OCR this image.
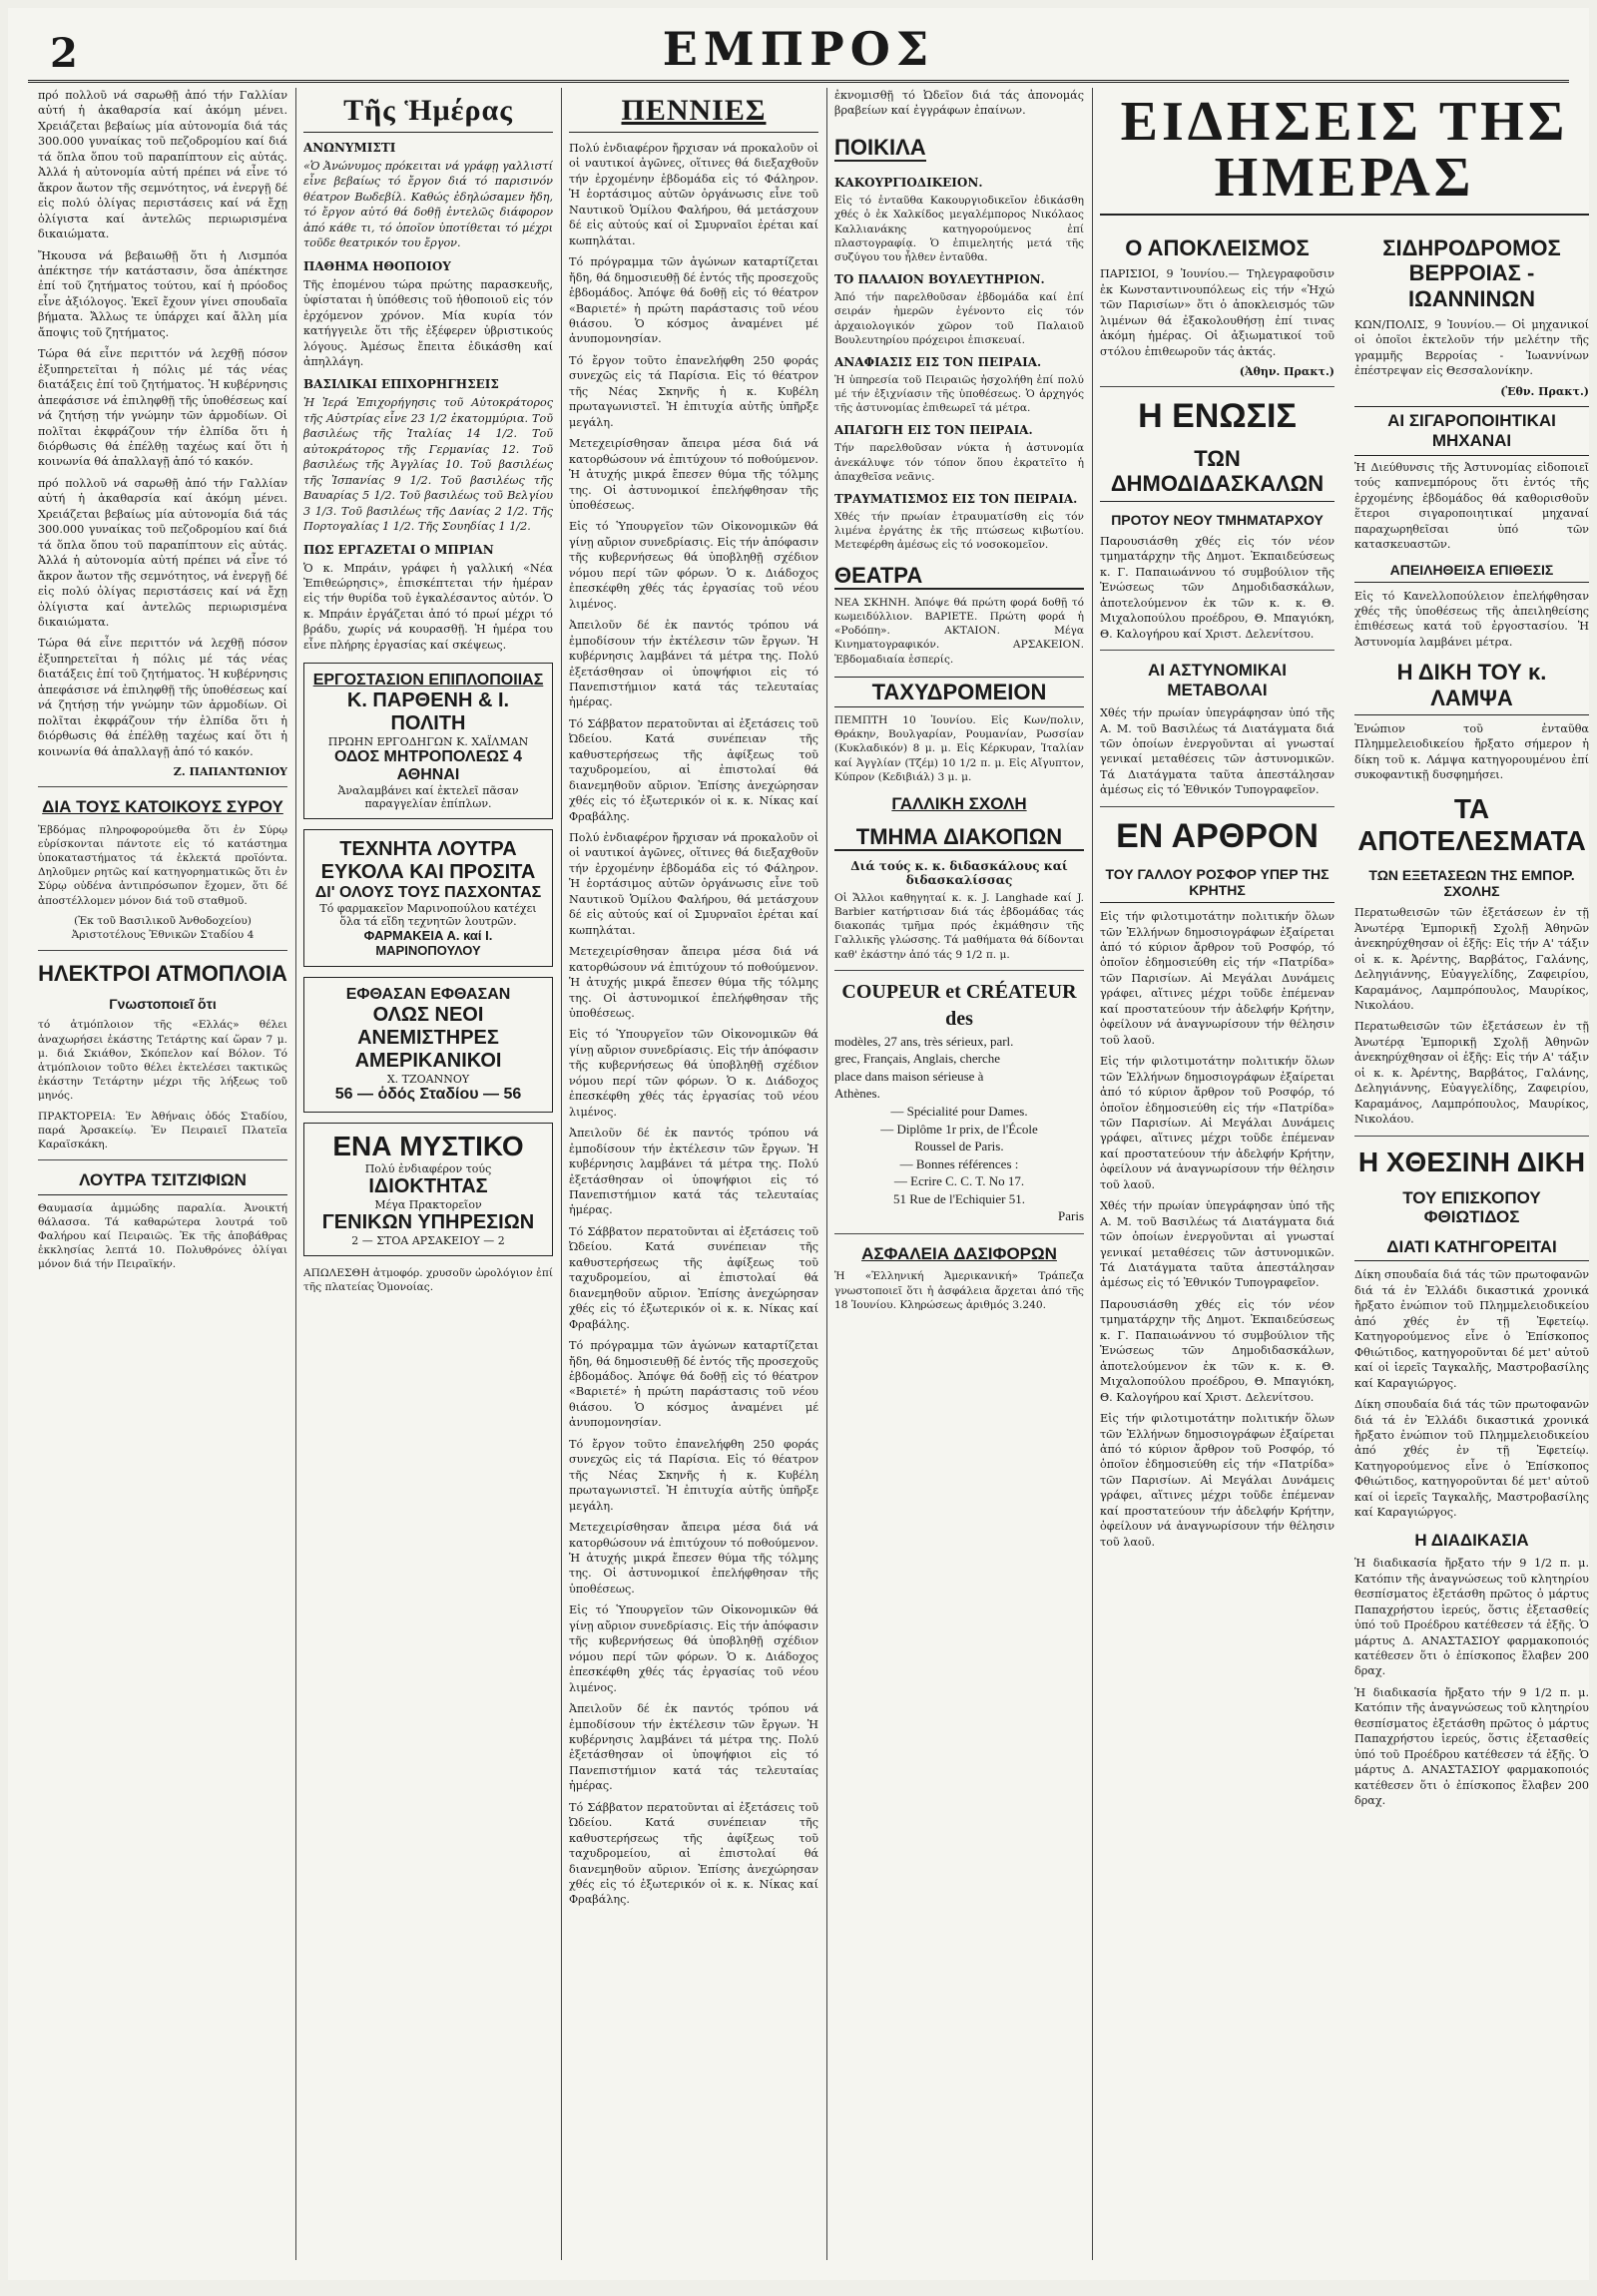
2	ΕΜΠΡΟΣ

πρό πολλοῦ νά σαρωθῇ ἀπό τήν Γαλλίαν αὐτή ἡ ἀκαθαρσία καί ἀκόμη μένει. Χρειάζεται βεβαίως μία αὐτονομία διά τάς 300.000 γυναίκας τοῦ πεζοδρομίου καί διά τά ὅπλα ὅπου τοῦ παραπίπτουν εἰς αὐτάς. Ἀλλά ἡ αὐτονομία αὐτή πρέπει νά εἶνε τό ἄκρον ἄωτον τῆς σεμνότητος, νά ἐνεργῇ δέ εἰς πολύ ὀλίγας περιστάσεις καί νά ἔχῃ ὀλίγιστα καί ἀντελῶς περιωρισμένα δικαιώματα.

Ἤκουσα νά βεβαιωθῇ ὅτι ἡ Λισμπόα ἀπέκτησε τήν κατάστασιν, ὅσα ἀπέκτησε ἐπί τοῦ ζητήματος τούτου, καί ἡ πρόοδος εἶνε ἀξιόλογος. Ἐκεῖ ἔχουν γίνει σπουδαῖα βήματα. Ἄλλως τε ὑπάρχει καί ἄλλη μία ἄποψις τοῦ ζητήματος.

Τώρα θά εἶνε περιττόν νά λεχθῇ πόσον ἐξυπηρετεῖται ἡ πόλις μέ τάς νέας διατάξεις ἐπί τοῦ ζητήματος. Ἡ κυβέρνησις ἀπεφάσισε νά ἐπιληφθῇ τῆς ὑποθέσεως καί νά ζητήσῃ τήν γνώμην τῶν ἁρμοδίων. Οἱ πολῖται ἐκφράζουν τήν ἐλπίδα ὅτι ἡ διόρθωσις θά ἐπέλθῃ ταχέως καί ὅτι ἡ κοινωνία θά ἀπαλλαγῇ ἀπό τό κακόν.

πρό πολλοῦ νά σαρωθῇ ἀπό τήν Γαλλίαν αὐτή ἡ ἀκαθαρσία καί ἀκόμη μένει. Χρειάζεται βεβαίως μία αὐτονομία διά τάς 300.000 γυναίκας τοῦ πεζοδρομίου καί διά τά ὅπλα ὅπου τοῦ παραπίπτουν εἰς αὐτάς. Ἀλλά ἡ αὐτονομία αὐτή πρέπει νά εἶνε τό ἄκρον ἄωτον τῆς σεμνότητος, νά ἐνεργῇ δέ εἰς πολύ ὀλίγας περιστάσεις καί νά ἔχῃ ὀλίγιστα καί ἀντελῶς περιωρισμένα δικαιώματα.

Τώρα θά εἶνε περιττόν νά λεχθῇ πόσον ἐξυπηρετεῖται ἡ πόλις μέ τάς νέας διατάξεις ἐπί τοῦ ζητήματος. Ἡ κυβέρνησις ἀπεφάσισε νά ἐπιληφθῇ τῆς ὑποθέσεως καί νά ζητήσῃ τήν γνώμην τῶν ἁρμοδίων. Οἱ πολῖται ἐκφράζουν τήν ἐλπίδα ὅτι ἡ διόρθωσις θά ἐπέλθῃ ταχέως καί ὅτι ἡ κοινωνία θά ἀπαλλαγῇ ἀπό τό κακόν.

Ζ. ΠΑΠΑΝΤΩΝΙΟΥ
ΔΙΑ ΤΟΥΣ ΚΑΤΟΙΚΟΥΣ ΣΥΡΟΥ

Ἐβδόμας πληροφορούμεθα ὅτι ἐν Σύρῳ εὑρίσκονται πάντοτε εἰς τό κατάστημα ὑποκαταστήματος τά ἐκλεκτά προϊόντα. Δηλοῦμεν ρητῶς καί κατηγορηματικῶς ὅτι ἐν Σύρῳ οὐδένα ἀντιπρόσωπον ἔχομεν, ὅτι δέ ἀποστέλλομεν μόνον διά τοῦ σταθμοῦ.

(Ἐκ τοῦ Βασιλικοῦ Ἀνθοδοχείου) Ἀριστοτέλους Ἐθνικῶν Σταδίου 4

ΗΛΕΚΤΡΟΙ ΑΤΜΟΠΛΟΙΑ
Γνωστοποιεῖ ὅτι

τό ἀτμόπλοιον τῆς «Ελλάς» θέλει ἀναχωρήσει ἐκάστης Τετάρτης καί ὥραν 7 μ. μ. διά Σκιάθον, Σκόπελον καί Βόλον. Τό ἀτμόπλοιον τοῦτο θέλει ἐκτελέσει τακτικῶς ἐκάστην Τετάρτην μέχρι τῆς λήξεως τοῦ μηνός.

ΠΡΑΚΤΟΡΕΙΑ: Ἐν Ἀθήναις ὁδός Σταδίου, παρά Ἀρσακείῳ. Ἐν Πειραιεῖ Πλατεῖα Καραϊσκάκη.

ΛΟΥΤΡΑ ΤΣΙΤΖΙΦΙΩΝ

Θαυμασία ἀμμώδης παραλία. Ἀνοικτή θάλασσα. Τά καθαρώτερα λουτρά τοῦ Φαλήρου καί Πειραιῶς. Ἐκ τῆς ἀποβάθρας ἐκκλησίας λεπτά 10. Πολυθρόνες ὀλίγαι μόνον διά τήν Πειραϊκήν.

Τῆς Ἡμέρας
ΑΝΩΝΥΜΙΣΤΙ

«Ὁ Ἀνώνυμος πρόκειται νά γράφῃ γαλλιστί εἶνε βεβαίως τό ἔργον διά τό παρισινόν θέατρον Βωδεβίλ. Καθώς ἐδηλώσαμεν ἤδη, τό ἔργον αὐτό θά δοθῇ ἐντελῶς διάφορον ἀπό κάθε τι, τό ὁποῖον ὑποτίθεται τό μέχρι τοῦδε θεατρικόν του ἔργον.

ΠΑΘΗΜΑ ΗΘΟΠΟΙΟΥ

Τῆς ἐπομένου τώρα πρώτης παρασκευῆς, ὑφίσταται ἡ ὑπόθεσις τοῦ ἠθοποιοῦ εἰς τόν ἐρχόμενον χρόνον. Μία κυρία τόν κατήγγειλε ὅτι τῆς ἐξέφερεν ὑβριστικούς λόγους. Ἀμέσως ἔπειτα ἐδικάσθη καί ἀπηλλάγη.

ΒΑΣΙΛΙΚΑΙ ΕΠΙΧΟΡΗΓΗΣΕΙΣ

Ἡ Ἱερά Ἐπιχορήγησις τοῦ Αὐτοκράτορος τῆς Αὐστρίας εἶνε 23 1/2 ἑκατομμύρια. Τοῦ βασιλέως τῆς Ἰταλίας 14 1/2. Τοῦ αὐτοκράτορος τῆς Γερμανίας 12. Τοῦ βασιλέως τῆς Ἀγγλίας 10. Τοῦ βασιλέως τῆς Ἰσπανίας 9 1/2. Τοῦ βασιλέως τῆς Βαυαρίας 5 1/2. Τοῦ βασιλέως τοῦ Βελγίου 3 1/3. Τοῦ βασιλέως τῆς Δανίας 2 1/2. Τῆς Πορτογαλίας 1 1/2. Τῆς Σουηδίας 1 1/2.

ΠΩΣ ΕΡΓΑΖΕΤΑΙ Ο ΜΠΡΙΑΝ

Ὁ κ. Μπράιν, γράφει ἡ γαλλική «Νέα Ἐπιθεώρησις», ἐπισκέπτεται τήν ἡμέραν εἰς τήν θυρίδα τοῦ ἐγκαλέσαντος αὐτόν. Ὁ κ. Μπράιν ἐργάζεται ἀπό τό πρωί μέχρι τό βράδυ, χωρίς νά κουρασθῇ. Ἡ ἡμέρα του εἶνε πλήρης ἐργασίας καί σκέψεως.

ΕΡΓΟΣΤΑΣΙΟΝ ΕΠΙΠΛΟΠΟΙΙΑΣ
Κ. ΠΑΡΘΕΝΗ & Ι. ΠΟΛΙΤΗ
ΠΡΩΗΝ ΕΡΓΟΔΗΓΩΝ Κ. ΧΑΪΛΜΑΝ
ΟΔΟΣ ΜΗΤΡΟΠΟΛΕΩΣ 4 ΑΘΗΝΑΙ
Ἀναλαμβάνει καί ἐκτελεῖ πᾶσαν παραγγελίαν ἐπίπλων.
ΤΕΧΝΗΤΑ ΛΟΥΤΡΑ
ΕΥΚΟΛΑ ΚΑΙ ΠΡΟΣΙΤΑ
ΔΙ' ΟΛΟΥΣ ΤΟΥΣ ΠΑΣΧΟΝΤΑΣ
Τό φαρμακεῖον Μαρινοπούλου κατέχει ὅλα τά εἴδη τεχνητῶν λουτρῶν.
ΦΑΡΜΑΚΕΙΑ Α. καί Ι. ΜΑΡΙΝΟΠΟΥΛΟΥ
ΕΦΘΑΣΑΝ ΕΦΘΑΣΑΝ
ΟΛΩΣ ΝΕΟΙ ΑΝΕΜΙΣΤΗΡΕΣ
ΑΜΕΡΙΚΑΝΙΚΟΙ
Χ. ΤΖΟΑΝΝΟΥ
56 — ὁδός Σταδίου — 56
ΕΝΑ ΜΥΣΤΙΚΟ
Πολύ ἐνδιαφέρον τούς
ΙΔΙΟΚΤΗΤΑΣ
Μέγα Πρακτορεῖον
ΓΕΝΙΚΩΝ ΥΠΗΡΕΣΙΩΝ
2 — ΣΤΟΑ ΑΡΣΑΚΕΙΟΥ — 2

ΑΠΩΛΕΣΘΗ ἀτμοφόρ. χρυσοῦν ὡρολόγιον ἐπί τῆς πλατείας Ὁμονοίας.

ΠΕΝΝΙΕΣ

Πολύ ἐνδιαφέρον ἤρχισαν νά προκαλοῦν οἱ οἱ ναυτικοί ἀγῶνες, οἵτινες θά διεξαχθοῦν τήν ἐρχομένην ἑβδομάδα εἰς τό Φάληρον. Ἡ ἑορτάσιμος αὐτῶν ὀργάνωσις εἶνε τοῦ Ναυτικοῦ Ὁμίλου Φαλήρου, θά μετάσχουν δέ εἰς αὐτούς καί οἱ Σμυρναῖοι ἐρέται καί κωπηλάται.

Τό πρόγραμμα τῶν ἀγώνων καταρτίζεται ἤδη, θά δημοσιευθῇ δέ ἐντός τῆς προσεχοῦς ἑβδομάδος. Ἀπόψε θά δοθῇ εἰς τό θέατρον «Βαριετέ» ἡ πρώτη παράστασις τοῦ νέου θιάσου. Ὁ κόσμος ἀναμένει μέ ἀνυπομονησίαν.

Τό ἔργον τοῦτο ἐπανελήφθη 250 φοράς συνεχῶς εἰς τά Παρίσια. Εἰς τό θέατρον τῆς Νέας Σκηνῆς ἡ κ. Κυβέλη πρωταγωνιστεῖ. Ἡ ἐπιτυχία αὐτῆς ὑπῆρξε μεγάλη.

Μετεχειρίσθησαν ἄπειρα μέσα διά νά κατορθώσουν νά ἐπιτύχουν τό ποθούμενον. Ἡ ἀτυχής μικρά ἔπεσεν θύμα τῆς τόλμης της. Οἱ ἀστυνομικοί ἐπελήφθησαν τῆς ὑποθέσεως.

Εἰς τό Ὑπουργεῖον τῶν Οἰκονομικῶν θά γίνῃ αὔριον συνεδρίασις. Εἰς τήν ἀπόφασιν τῆς κυβερνήσεως θά ὑποβληθῇ σχέδιον νόμου περί τῶν φόρων. Ὁ κ. Διάδοχος ἐπεσκέφθη χθές τάς ἐργασίας τοῦ νέου λιμένος.

Ἀπειλοῦν δέ ἐκ παντός τρόπου νά ἐμποδίσουν τήν ἐκτέλεσιν τῶν ἔργων. Ἡ κυβέρνησις λαμβάνει τά μέτρα της. Πολύ ἐξετάσθησαν οἱ ὑποψήφιοι εἰς τό Πανεπιστήμιον κατά τάς τελευταίας ἡμέρας.

Τό Σάββατον περατοῦνται αἱ ἐξετάσεις τοῦ Ὠδείου. Κατά συνέπειαν τῆς καθυστερήσεως τῆς ἀφίξεως τοῦ ταχυδρομείου, αἱ ἐπιστολαί θά διανεμηθοῦν αὔριον. Ἐπίσης ἀνεχώρησαν χθές εἰς τό ἐξωτερικόν οἱ κ. κ. Νίκας καί Φραβάλης.

Πολύ ἐνδιαφέρον ἤρχισαν νά προκαλοῦν οἱ οἱ ναυτικοί ἀγῶνες, οἵτινες θά διεξαχθοῦν τήν ἐρχομένην ἑβδομάδα εἰς τό Φάληρον. Ἡ ἑορτάσιμος αὐτῶν ὀργάνωσις εἶνε τοῦ Ναυτικοῦ Ὁμίλου Φαλήρου, θά μετάσχουν δέ εἰς αὐτούς καί οἱ Σμυρναῖοι ἐρέται καί κωπηλάται.

Μετεχειρίσθησαν ἄπειρα μέσα διά νά κατορθώσουν νά ἐπιτύχουν τό ποθούμενον. Ἡ ἀτυχής μικρά ἔπεσεν θύμα τῆς τόλμης της. Οἱ ἀστυνομικοί ἐπελήφθησαν τῆς ὑποθέσεως.

Εἰς τό Ὑπουργεῖον τῶν Οἰκονομικῶν θά γίνῃ αὔριον συνεδρίασις. Εἰς τήν ἀπόφασιν τῆς κυβερνήσεως θά ὑποβληθῇ σχέδιον νόμου περί τῶν φόρων. Ὁ κ. Διάδοχος ἐπεσκέφθη χθές τάς ἐργασίας τοῦ νέου λιμένος.

Ἀπειλοῦν δέ ἐκ παντός τρόπου νά ἐμποδίσουν τήν ἐκτέλεσιν τῶν ἔργων. Ἡ κυβέρνησις λαμβάνει τά μέτρα της. Πολύ ἐξετάσθησαν οἱ ὑποψήφιοι εἰς τό Πανεπιστήμιον κατά τάς τελευταίας ἡμέρας.

Τό Σάββατον περατοῦνται αἱ ἐξετάσεις τοῦ Ὠδείου. Κατά συνέπειαν τῆς καθυστερήσεως τῆς ἀφίξεως τοῦ ταχυδρομείου, αἱ ἐπιστολαί θά διανεμηθοῦν αὔριον. Ἐπίσης ἀνεχώρησαν χθές εἰς τό ἐξωτερικόν οἱ κ. κ. Νίκας καί Φραβάλης.

Τό πρόγραμμα τῶν ἀγώνων καταρτίζεται ἤδη, θά δημοσιευθῇ δέ ἐντός τῆς προσεχοῦς ἑβδομάδος. Ἀπόψε θά δοθῇ εἰς τό θέατρον «Βαριετέ» ἡ πρώτη παράστασις τοῦ νέου θιάσου. Ὁ κόσμος ἀναμένει μέ ἀνυπομονησίαν.

Τό ἔργον τοῦτο ἐπανελήφθη 250 φοράς συνεχῶς εἰς τά Παρίσια. Εἰς τό θέατρον τῆς Νέας Σκηνῆς ἡ κ. Κυβέλη πρωταγωνιστεῖ. Ἡ ἐπιτυχία αὐτῆς ὑπῆρξε μεγάλη.

Μετεχειρίσθησαν ἄπειρα μέσα διά νά κατορθώσουν νά ἐπιτύχουν τό ποθούμενον. Ἡ ἀτυχής μικρά ἔπεσεν θύμα τῆς τόλμης της. Οἱ ἀστυνομικοί ἐπελήφθησαν τῆς ὑποθέσεως.

Εἰς τό Ὑπουργεῖον τῶν Οἰκονομικῶν θά γίνῃ αὔριον συνεδρίασις. Εἰς τήν ἀπόφασιν τῆς κυβερνήσεως θά ὑποβληθῇ σχέδιον νόμου περί τῶν φόρων. Ὁ κ. Διάδοχος ἐπεσκέφθη χθές τάς ἐργασίας τοῦ νέου λιμένος.

Ἀπειλοῦν δέ ἐκ παντός τρόπου νά ἐμποδίσουν τήν ἐκτέλεσιν τῶν ἔργων. Ἡ κυβέρνησις λαμβάνει τά μέτρα της. Πολύ ἐξετάσθησαν οἱ ὑποψήφιοι εἰς τό Πανεπιστήμιον κατά τάς τελευταίας ἡμέρας.

Τό Σάββατον περατοῦνται αἱ ἐξετάσεις τοῦ Ὠδείου. Κατά συνέπειαν τῆς καθυστερήσεως τῆς ἀφίξεως τοῦ ταχυδρομείου, αἱ ἐπιστολαί θά διανεμηθοῦν αὔριον. Ἐπίσης ἀνεχώρησαν χθές εἰς τό ἐξωτερικόν οἱ κ. κ. Νίκας καί Φραβάλης.

ἐκνομισθῇ τό Ὠδεῖον διά τάς ἀπονομάς βραβείων καί ἐγγράφων ἐπαίνων.

ΠΟΙΚΙΛΑ
ΚΑΚΟΥΡΓΙΟΔΙΚΕΙΟΝ.

Εἰς τό ἐνταῦθα Κακουργιοδικεῖον ἐδικάσθη χθές ὁ ἐκ Χαλκίδος μεγαλέμπορος Νικόλαος Καλλιανάκης κατηγορούμενος ἐπί πλαστογραφίᾳ. Ὁ ἐπιμελητής μετά τῆς συζύγου του ἦλθεν ἐνταῦθα.

ΤΟ ΠΑΛΑΙΟΝ ΒΟΥΛΕΥΤΗΡΙΟΝ.

Ἀπό τήν παρελθοῦσαν ἑβδομάδα καί ἐπί σειράν ἡμερῶν ἐγένοντο εἰς τόν ἀρχαιολογικόν χῶρον τοῦ Παλαιοῦ Βουλευτηρίου πρόχειροι ἐπισκευαί.

ΑΝΑΦΙΑΣΙΣ ΕΙΣ ΤΟΝ ΠΕΙΡΑΙΑ.

Ἡ ὑπηρεσία τοῦ Πειραιῶς ἠσχολήθη ἐπί πολύ μέ τήν ἐξιχνίασιν τῆς ὑποθέσεως. Ὁ ἀρχηγός τῆς ἀστυνομίας ἐπιθεωρεῖ τά μέτρα.

ΑΠΑΓΩΓΗ ΕΙΣ ΤΟΝ ΠΕΙΡΑΙΑ.

Τήν παρελθοῦσαν νύκτα ἡ ἀστυνομία ἀνεκάλυψε τόν τόπον ὅπου ἐκρατεῖτο ἡ ἀπαχθεῖσα νεᾶνις.

ΤΡΑΥΜΑΤΙΣΜΟΣ ΕΙΣ ΤΟΝ ΠΕΙΡΑΙΑ.

Χθές τήν πρωίαν ἐτραυματίσθη εἰς τόν λιμένα ἐργάτης ἐκ τῆς πτώσεως κιβωτίου. Μετεφέρθη ἀμέσως εἰς τό νοσοκομεῖον.

ΘΕΑΤΡΑ

ΝΕΑ ΣΚΗΝΗ. Ἀπόψε θά πρώτη φορά δοθῇ τό κωμειδύλλιον. ΒΑΡΙΕΤΕ. Πρώτη φορά ἡ «Ροδόπη». ΑΚΤΑΙΟΝ. Μέγα Κινηματογραφικόν. ΑΡΣΑΚΕΙΟΝ. Ἑβδομαδιαία ἑσπερίς.

ΤΑΧΥΔΡΟΜΕΙΟΝ

ΠΕΜΠΤΗ 10 Ἰουνίου. Εἰς Κων/πολιν, Θράκην, Βουλγαρίαν, Ρουμανίαν, Ρωσσίαν (Κυκλαδικόν) 8 μ. μ. Εἰς Κέρκυραν, Ἰταλίαν καί Ἀγγλίαν (Τζέμ) 10 1/2 π. μ. Εἰς Αἴγυπτον, Κύπρον (Κεδιβιάλ) 3 μ. μ.

ΓΑΛΛΙΚΗ ΣΧΟΛΗ
ΤΜΗΜΑ ΔΙΑΚΟΠΩΝ
Διά τούς κ. κ. διδασκάλους καί διδασκαλίσσας

Οἱ Ἄλλοι καθηγηταί κ. κ. J. Langhade καί J. Barbier κατήρτισαν διά τάς ἑβδομάδας τάς διακοπάς τμῆμα πρός ἐκμάθησιν τῆς Γαλλικῆς γλώσσης. Τά μαθήματα θά δίδονται καθ' ἑκάστην ἀπό τάς 9 1/2 π. μ.

COUPEUR et CRÉATEUR des
modèles, 27 ans, très sérieux, parl.
grec, Français, Anglais, cherche
place dans maison sérieuse à
Athènes.
— Spécialité pour Dames.
— Diplôme 1r prix, de l'École
Roussel de Paris.
— Bonnes références :
— Ecrire C. C. T. No 17.
51 Rue de l'Echiquier 51.
Paris
ΑΣΦΑΛΕΙΑ ΔΑΣΙΦΟΡΩΝ

Ἡ «Ἑλληνική Ἀμερικανική» Τράπεζα γνωστοποιεῖ ὅτι ἡ ἀσφάλεια ἄρχεται ἀπό τῆς 18 Ἰουνίου. Κληρώσεως ἀριθμός 3.240.

ΕΙΔΗΣΕΙΣ ΤΗΣ ΗΜΕΡΑΣ
Ο ΑΠΟΚΛΕΙΣΜΟΣ

ΠΑΡΙΣΙΟΙ, 9 Ἰουνίου.— Τηλεγραφοῦσιν ἐκ Κωνσταντινουπόλεως εἰς τήν «Ἠχώ τῶν Παρισίων» ὅτι ὁ ἀποκλεισμός τῶν λιμένων θά ἐξακολουθήσῃ ἐπί τινας ἀκόμη ἡμέρας. Οἱ ἀξιωματικοί τοῦ στόλου ἐπιθεωροῦν τάς ἀκτάς.

(Ἀθην. Πρακτ.)
Η ΕΝΩΣΙΣ
ΤΩΝ ΔΗΜΟΔΙΔΑΣΚΑΛΩΝ
ΠΡΟΤΟΥ ΝΕΟΥ ΤΜΗΜΑΤΑΡΧΟΥ

Παρουσιάσθη χθές εἰς τόν νέον τμηματάρχην τῆς Δημοτ. Ἐκπαιδεύσεως κ. Γ. Παπαιωάννου τό συμβούλιον τῆς Ἑνώσεως τῶν Δημοδιδασκάλων, ἀποτελούμενον ἐκ τῶν κ. κ. Θ. Μιχαλοπούλου προέδρου, Θ. Μπαγιόκη, Θ. Καλογήρου καί Χριστ. Δελενίτσου.

ΑΙ ΑΣΤΥΝΟΜΙΚΑΙ ΜΕΤΑΒΟΛΑΙ

Χθές τήν πρωίαν ὑπεγράφησαν ὑπό τῆς Α. Μ. τοῦ Βασιλέως τά Διατάγματα διά τῶν ὁποίων ἐνεργοῦνται αἱ γνωσταί γενικαί μεταθέσεις τῶν ἀστυνομικῶν. Τά Διατάγματα ταῦτα ἀπεστάλησαν ἀμέσως εἰς τό Ἐθνικόν Τυπογραφεῖον.

ΕΝ ΑΡΘΡΟΝ
ΤΟΥ ΓΑΛΛΟΥ ΡΟΣΦΟΡ ΥΠΕΡ ΤΗΣ ΚΡΗΤΗΣ

Εἰς τήν φιλοτιμοτάτην πολιτικήν ὅλων τῶν Ἑλλήνων δημοσιογράφων ἐξαίρεται ἀπό τό κύριον ἄρθρον τοῦ Ροσφόρ, τό ὁποῖον ἐδημοσιεύθη εἰς τήν «Πατρίδα» τῶν Παρισίων. Αἱ Μεγάλαι Δυνάμεις γράφει, αἵτινες μέχρι τοῦδε ἐπέμεναν καί προστατεύουν τήν ἀδελφήν Κρήτην, ὀφείλουν νά ἀναγνωρίσουν τήν θέλησιν τοῦ λαοῦ.

Εἰς τήν φιλοτιμοτάτην πολιτικήν ὅλων τῶν Ἑλλήνων δημοσιογράφων ἐξαίρεται ἀπό τό κύριον ἄρθρον τοῦ Ροσφόρ, τό ὁποῖον ἐδημοσιεύθη εἰς τήν «Πατρίδα» τῶν Παρισίων. Αἱ Μεγάλαι Δυνάμεις γράφει, αἵτινες μέχρι τοῦδε ἐπέμεναν καί προστατεύουν τήν ἀδελφήν Κρήτην, ὀφείλουν νά ἀναγνωρίσουν τήν θέλησιν τοῦ λαοῦ.

Χθές τήν πρωίαν ὑπεγράφησαν ὑπό τῆς Α. Μ. τοῦ Βασιλέως τά Διατάγματα διά τῶν ὁποίων ἐνεργοῦνται αἱ γνωσταί γενικαί μεταθέσεις τῶν ἀστυνομικῶν. Τά Διατάγματα ταῦτα ἀπεστάλησαν ἀμέσως εἰς τό Ἐθνικόν Τυπογραφεῖον.

Παρουσιάσθη χθές εἰς τόν νέον τμηματάρχην τῆς Δημοτ. Ἐκπαιδεύσεως κ. Γ. Παπαιωάννου τό συμβούλιον τῆς Ἑνώσεως τῶν Δημοδιδασκάλων, ἀποτελούμενον ἐκ τῶν κ. κ. Θ. Μιχαλοπούλου προέδρου, Θ. Μπαγιόκη, Θ. Καλογήρου καί Χριστ. Δελενίτσου.

Εἰς τήν φιλοτιμοτάτην πολιτικήν ὅλων τῶν Ἑλλήνων δημοσιογράφων ἐξαίρεται ἀπό τό κύριον ἄρθρον τοῦ Ροσφόρ, τό ὁποῖον ἐδημοσιεύθη εἰς τήν «Πατρίδα» τῶν Παρισίων. Αἱ Μεγάλαι Δυνάμεις γράφει, αἵτινες μέχρι τοῦδε ἐπέμεναν καί προστατεύουν τήν ἀδελφήν Κρήτην, ὀφείλουν νά ἀναγνωρίσουν τήν θέλησιν τοῦ λαοῦ.

ΣΙΔΗΡΟΔΡΟΜΟΣ ΒΕΡΡΟΙΑΣ - ΙΩΑΝΝΙΝΩΝ

ΚΩΝ/ΠΟΛΙΣ, 9 Ἰουνίου.— Οἱ μηχανικοί οἱ ὁποῖοι ἐκτελοῦν τήν μελέτην τῆς γραμμῆς Βερροίας - Ἰωαννίνων ἐπέστρεψαν εἰς Θεσσαλονίκην.

(Ἐθν. Πρακτ.)
ΑΙ ΣΙΓΑΡΟΠΟΙΗΤΙΚΑΙ ΜΗΧΑΝΑΙ

Ἡ Διεύθυνσις τῆς Ἀστυνομίας εἰδοποιεῖ τούς καπνεμπόρους ὅτι ἐντός τῆς ἐρχομένης ἑβδομάδος θά καθορισθοῦν ἕτεροι σιγαροποιητικαί μηχαναί παραχωρηθεῖσαι ὑπό τῶν κατασκευαστῶν.

ΑΠΕΙΛΗΘΕΙΣΑ ΕΠΙΘΕΣΙΣ

Εἰς τό Κανελλοπούλειον ἐπελήφθησαν χθές τῆς ὑποθέσεως τῆς ἀπειληθείσης ἐπιθέσεως κατά τοῦ ἐργοστασίου. Ἡ Ἀστυνομία λαμβάνει μέτρα.

Η ΔΙΚΗ ΤΟΥ κ. ΛΑΜΨΑ

Ἐνώπιον τοῦ ἐνταῦθα Πλημμελειοδικείου ἤρξατο σήμερον ἡ δίκη τοῦ κ. Λάμψα κατηγορουμένου ἐπί συκοφαντικῇ δυσφημήσει.

ΤΑ ΑΠΟΤΕΛΕΣΜΑΤΑ
ΤΩΝ ΕΞΕΤΑΣΕΩΝ ΤΗΣ ΕΜΠΟΡ. ΣΧΟΛΗΣ

Περατωθεισῶν τῶν ἐξετάσεων ἐν τῇ Ἀνωτέρᾳ Ἐμπορικῇ Σχολῇ Ἀθηνῶν ἀνεκηρύχθησαν οἱ ἑξῆς: Εἰς τήν Α' τάξιν οἱ κ. κ. Ἀρέντης, Βαρβάτος, Γαλάνης, Δεληγιάννης, Εὐαγγελίδης, Ζαφειρίου, Καραμάνος, Λαμπρόπουλος, Μαυρίκος, Νικολάου.

Περατωθεισῶν τῶν ἐξετάσεων ἐν τῇ Ἀνωτέρᾳ Ἐμπορικῇ Σχολῇ Ἀθηνῶν ἀνεκηρύχθησαν οἱ ἑξῆς: Εἰς τήν Α' τάξιν οἱ κ. κ. Ἀρέντης, Βαρβάτος, Γαλάνης, Δεληγιάννης, Εὐαγγελίδης, Ζαφειρίου, Καραμάνος, Λαμπρόπουλος, Μαυρίκος, Νικολάου.

Η ΧΘΕΣΙΝΗ ΔΙΚΗ
ΤΟΥ ΕΠΙΣΚΟΠΟΥ ΦΘΙΩΤΙΔΟΣ
ΔΙΑΤΙ ΚΑΤΗΓΟΡΕΙΤΑΙ

Δίκη σπουδαία διά τάς τῶν πρωτοφανῶν διά τά ἐν Ἑλλάδι δικαστικά χρονικά ἤρξατο ἐνώπιον τοῦ Πλημμελειοδικείου ἀπό χθές ἐν τῇ Ἐφετείῳ. Κατηγορούμενος εἶνε ὁ Ἐπίσκοπος Φθιώτιδος, κατηγοροῦνται δέ μετ' αὐτοῦ καί οἱ ἱερεῖς Ταγκαλῆς, Μαστροβασίλης καί Καραγιώργος.

Δίκη σπουδαία διά τάς τῶν πρωτοφανῶν διά τά ἐν Ἑλλάδι δικαστικά χρονικά ἤρξατο ἐνώπιον τοῦ Πλημμελειοδικείου ἀπό χθές ἐν τῇ Ἐφετείῳ. Κατηγορούμενος εἶνε ὁ Ἐπίσκοπος Φθιώτιδος, κατηγοροῦνται δέ μετ' αὐτοῦ καί οἱ ἱερεῖς Ταγκαλῆς, Μαστροβασίλης καί Καραγιώργος.

Η ΔΙΑΔΙΚΑΣΙΑ

Ἡ διαδικασία ἤρξατο τήν 9 1/2 π. μ. Κατόπιν τῆς ἀναγνώσεως τοῦ κλητηρίου θεσπίσματος ἐξετάσθη πρῶτος ὁ μάρτυς Παπαχρήστου ἱερεύς, ὅστις ἐξετασθείς ὑπό τοῦ Προέδρου κατέθεσεν τά ἑξῆς. Ὁ μάρτυς Δ. ΑΝΑΣΤΑΣΙΟΥ φαρμακοποιός κατέθεσεν ὅτι ὁ ἐπίσκοπος ἔλαβεν 200 δραχ.

Ἡ διαδικασία ἤρξατο τήν 9 1/2 π. μ. Κατόπιν τῆς ἀναγνώσεως τοῦ κλητηρίου θεσπίσματος ἐξετάσθη πρῶτος ὁ μάρτυς Παπαχρήστου ἱερεύς, ὅστις ἐξετασθείς ὑπό τοῦ Προέδρου κατέθεσεν τά ἑξῆς. Ὁ μάρτυς Δ. ΑΝΑΣΤΑΣΙΟΥ φαρμακοποιός κατέθεσεν ὅτι ὁ ἐπίσκοπος ἔλαβεν 200 δραχ.
